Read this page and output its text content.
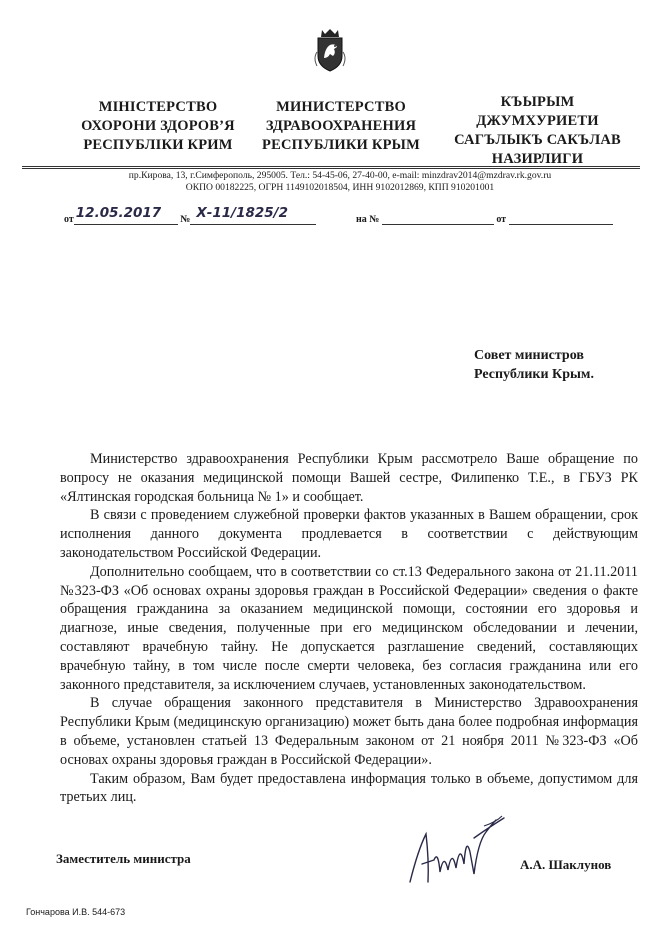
МІНІСТЕРСТВО
ОХОРОНИ ЗДОРОВ’Я
РЕСПУБЛІКИ КРИМ
МИНИСТЕРСТВО
ЗДРАВООХРАНЕНИЯ
РЕСПУБЛИКИ КРЫМ
КЪЫРЫМ
ДЖУМХУРИЕТИ
САГЪЛЫКЪ САКЪЛАВ
НАЗИРЛИГИ
пр.Кирова, 13, г.Симферополь, 295005. Тел.: 54-45-06, 27-40-00, e-mail: minzdrav2014@mzdrav.rk.gov.ru
ОКПО 00182225, ОГРН 1149102018504, ИНН 9102012869, КПП 910201001
от 12.05.2017 № Х-11/1825/2	на №	от
Совет министров
Республики Крым.

Министерство здравоохранения Республики Крым рассмотрело Ваше обращение по вопросу не оказания медицинской помощи Вашей сестре, Филипенко Т.Е., в ГБУЗ РК «Ялтинская городская больница № 1» и сообщает.

В связи с проведением служебной проверки фактов указанных в Вашем обращении, срок исполнения данного документа продлевается в соответствии с действующим законодательством Российской Федерации.

Дополнительно сообщаем, что в соответствии со ст.13 Федерального закона от 21.11.2011 №323-ФЗ «Об основах охраны здоровья граждан в Российской Федерации» сведения о факте обращения гражданина за оказанием медицинской помощи, состоянии его здоровья и диагнозе, иные сведения, полученные при его медицинском обследовании и лечении, составляют врачебную тайну. Не допускается разглашение сведений, составляющих врачебную тайну, в том числе после смерти человека, без согласия гражданина или его законного представителя, за исключением случаев, установленных законодательством.

В случае обращения законного представителя в Министерство Здравоохранения Республики Крым (медицинскую организацию) может быть дана более подробная информация в объеме, установлен статьей 13 Федеральным законом от 21 ноября 2011 №323-ФЗ «Об основах охраны здоровья граждан в Российской Федерации».

Таким образом, Вам будет предоставлена информация только в объеме, допустимом для третьих лиц.

Заместитель министра	А.А. Шаклунов
Гончарова И.В. 544-673
